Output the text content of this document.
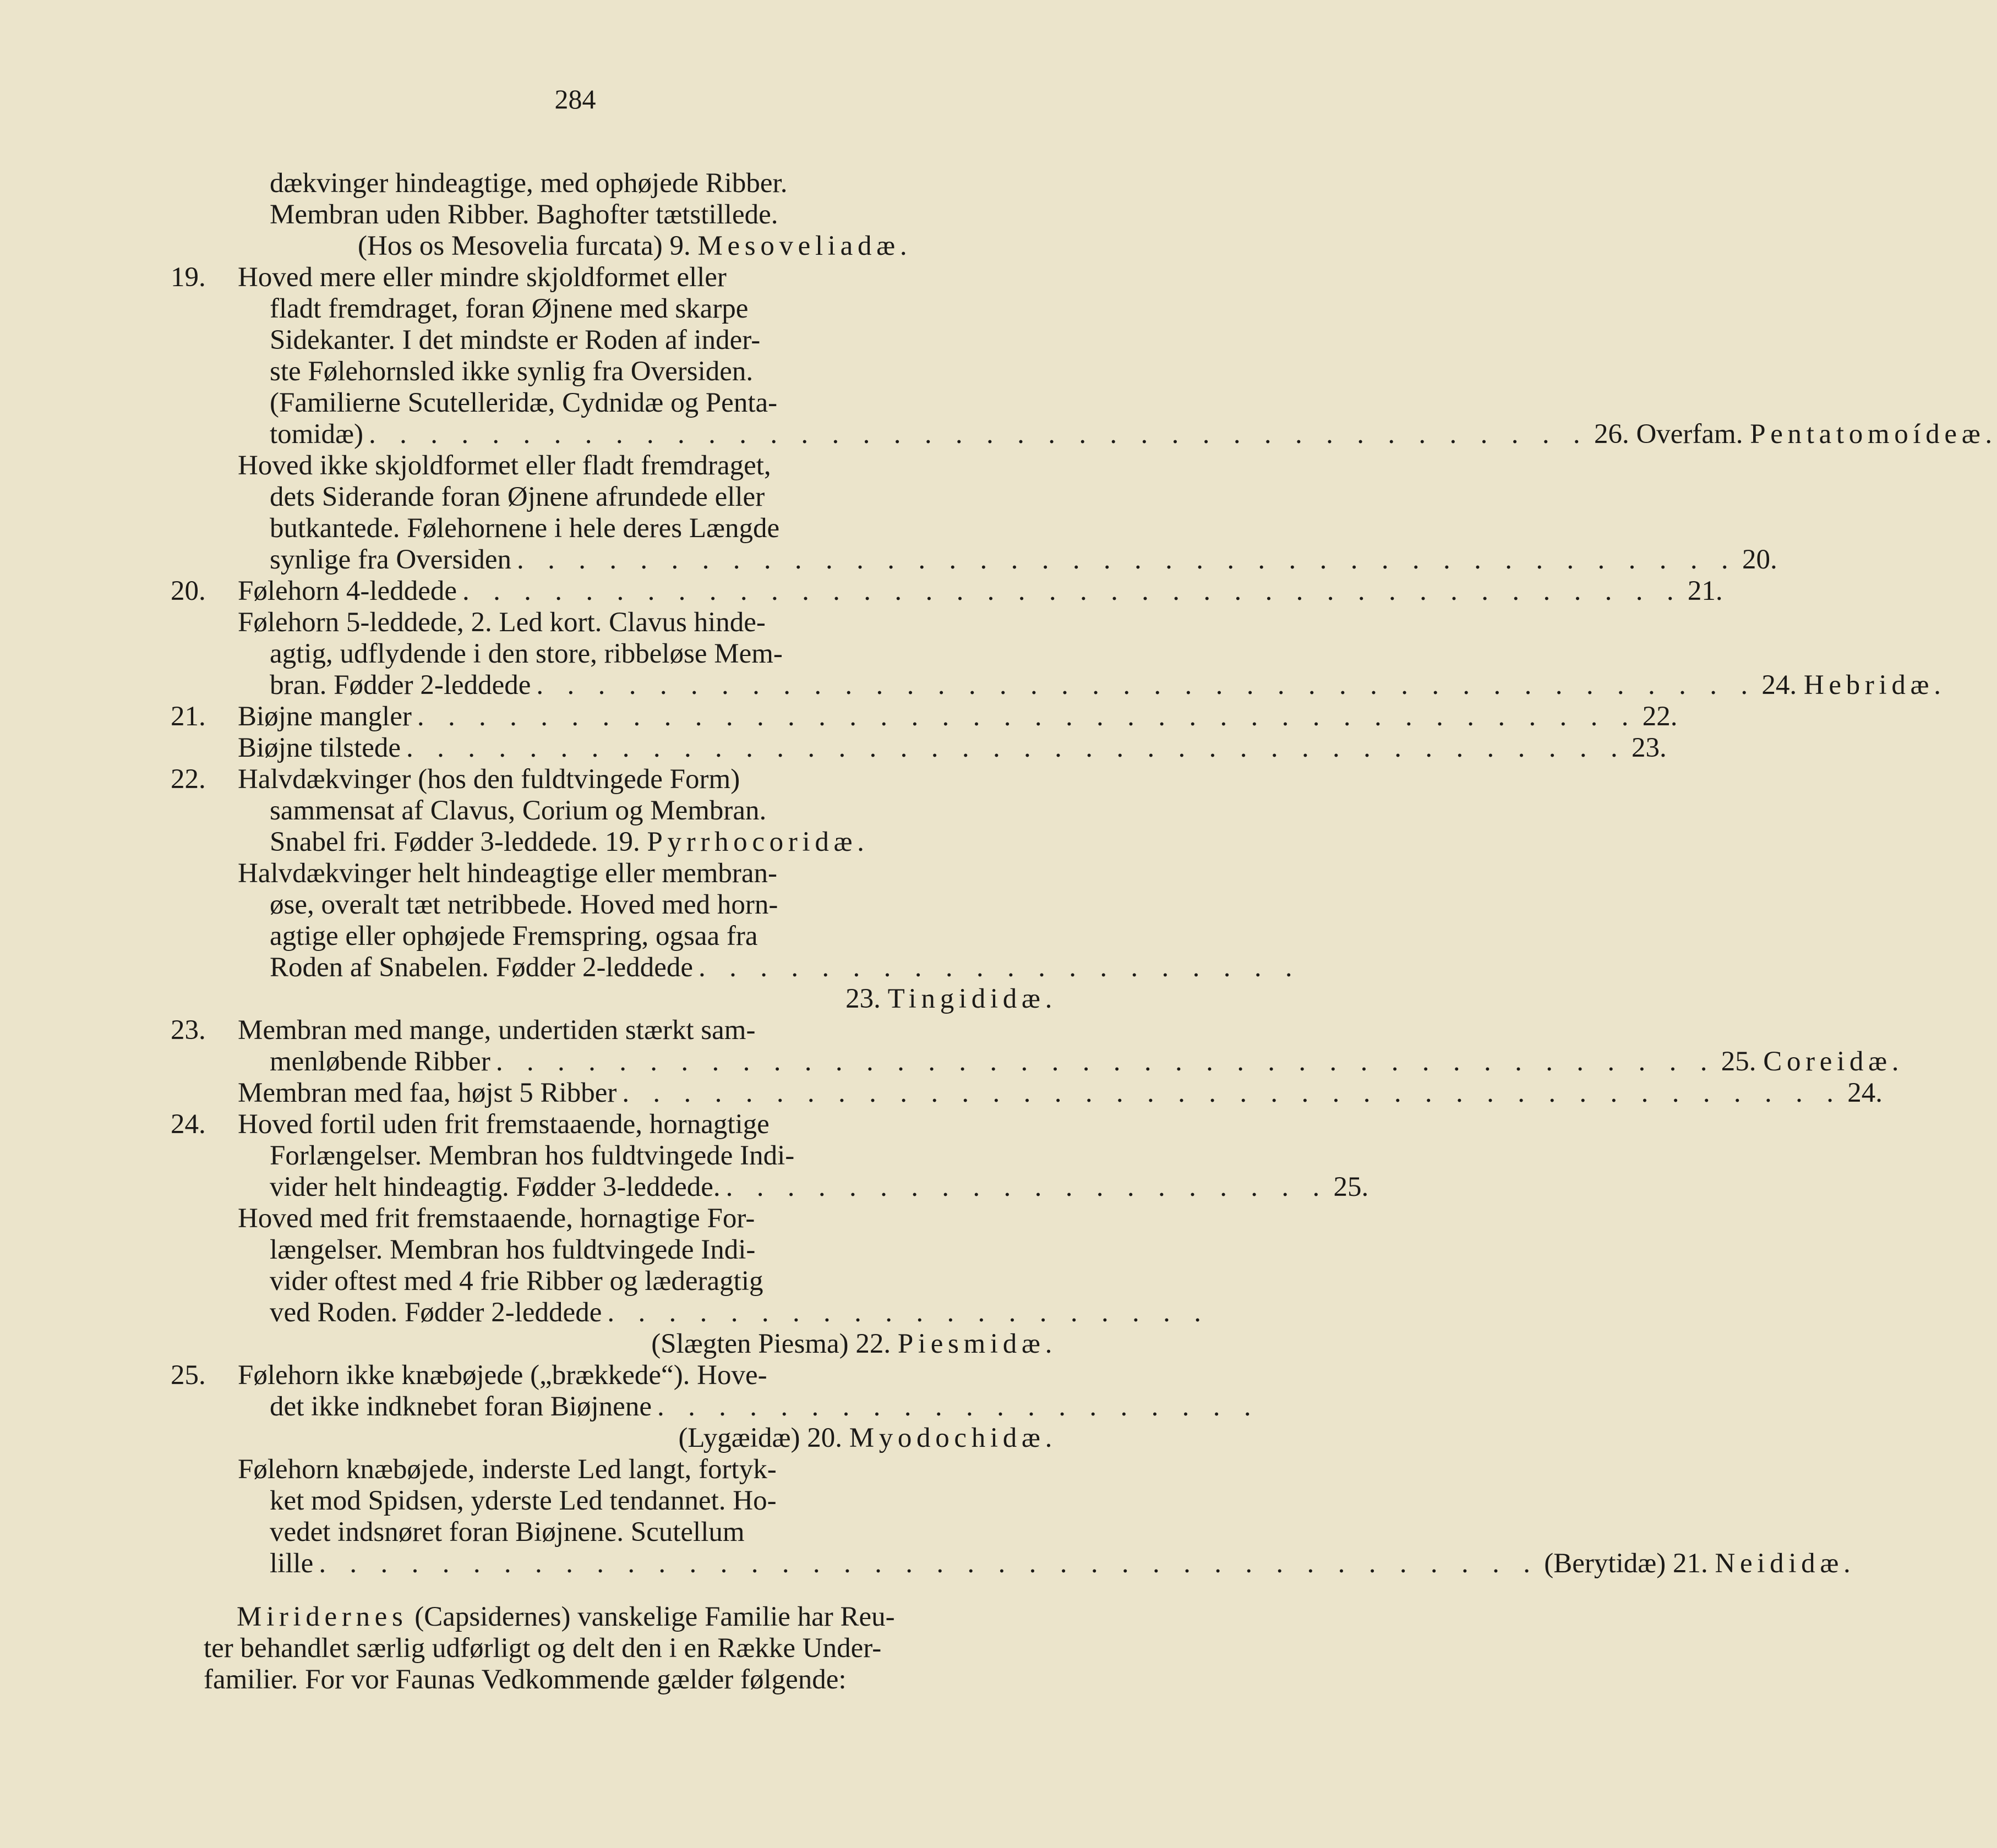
284
dækvinger hindeagtige, med ophøjede Ribber.
Membran uden Ribber. Baghofter tætstillede.
(Hos os Mesovelia furcata) 9. Mesoveliadæ.
19. Hoved mere eller mindre skjoldformet eller
fladt fremdraget, foran Øjnene med skarpe
Sidekanter. I det mindste er Roden af inder-
ste Følehornsled ikke synlig fra Oversiden.
(Familierne Scutelleridæ, Cydnidæ og Penta-
tomidæ) . . . . . . . . . . . . . . . . . . . . . . . . . . . . . . . . . . . . . . . . 26. Overfam.
Pentatomoídeæ.
Hoved ikke skjoldformet eller fladt fremdraget,
dets Siderande foran Øjnene afrundede eller
butkantede. Følehornene i hele deres Længde
synlige fra Oversiden . . . . . . . . . . . . . . . . . . . . . . . . . . . . . . . . . . . . . . . . 20.
20. Følehorn 4-leddede . . . . . . . . . . . . . . . . . . . . . . . . . . . . . . . . . . . . . . . . 21.
Følehorn 5-leddede, 2. Led kort. Clavus hinde-
agtig, udflydende i den store, ribbeløse Mem-
bran. Fødder 2-leddede . . . . . . . . . . . . . . . . . . . . . . . . . . . . . . . . . . . . . . . . 24.
Hebridæ.
21. Biøjne mangler . . . . . . . . . . . . . . . . . . . . . . . . . . . . . . . . . . . . . . . . 22.
Biøjne tilstede . . . . . . . . . . . . . . . . . . . . . . . . . . . . . . . . . . . . . . . . 23.
22. Halvdækvinger (hos den fuldtvingede Form)
sammensat af Clavus, Corium og Membran.
Snabel fri. Fødder 3-leddede. 19. Pyrrhocoridæ.
Halvdækvinger helt hindeagtige eller membran-
øse, overalt tæt netribbede. Hoved med horn-
agtige eller ophøjede Fremspring, ogsaa fra
Roden af Snabelen. Fødder 2-leddede . . . . . . . . . . . . . . . . . . . .
23. Tingididæ.
23. Membran med mange, undertiden stærkt sam-
menløbende Ribber . . . . . . . . . . . . . . . . . . . . . . . . . . . . . . . . . . . . . . . . 25.
Coreidæ.
Membran med faa, højst 5 Ribber . . . . . . . . . . . . . . . . . . . . . . . . . . . . . . . . . . . . . . . . 24.
24. Hoved fortil uden frit fremstaaende, hornagtige
Forlængelser. Membran hos fuldtvingede Indi-
vider helt hindeagtig. Fødder 3-leddede. . . . . . . . . . . . . . . . . . . . . 25.
Hoved med frit fremstaaende, hornagtige For-
længelser. Membran hos fuldtvingede Indi-
vider oftest med 4 frie Ribber og læderagtig
ved Roden. Fødder 2-leddede . . . . . . . . . . . . . . . . . . . .
(Slægten Piesma) 22. Piesmidæ.
25. Følehorn ikke knæbøjede („brækkede“). Hove-
det ikke indknebet foran Biøjnene . . . . . . . . . . . . . . . . . . . .
(Lygæidæ) 20. Myodochidæ.
Følehorn knæbøjede, inderste Led langt, fortyk-
ket mod Spidsen, yderste Led tendannet. Ho-
vedet indsnøret foran Biøjnene. Scutellum
lille . . . . . . . . . . . . . . . . . . . . . . . . . . . . . . . . . . . . . . . . (Berytidæ) 21.
Neididæ.
Miridernes (Capsidernes) vanskelige Familie har Reu-
ter behandlet særlig udførligt og delt den i en Række Under-
familier. For vor Faunas Vedkommende gælder følgende:
